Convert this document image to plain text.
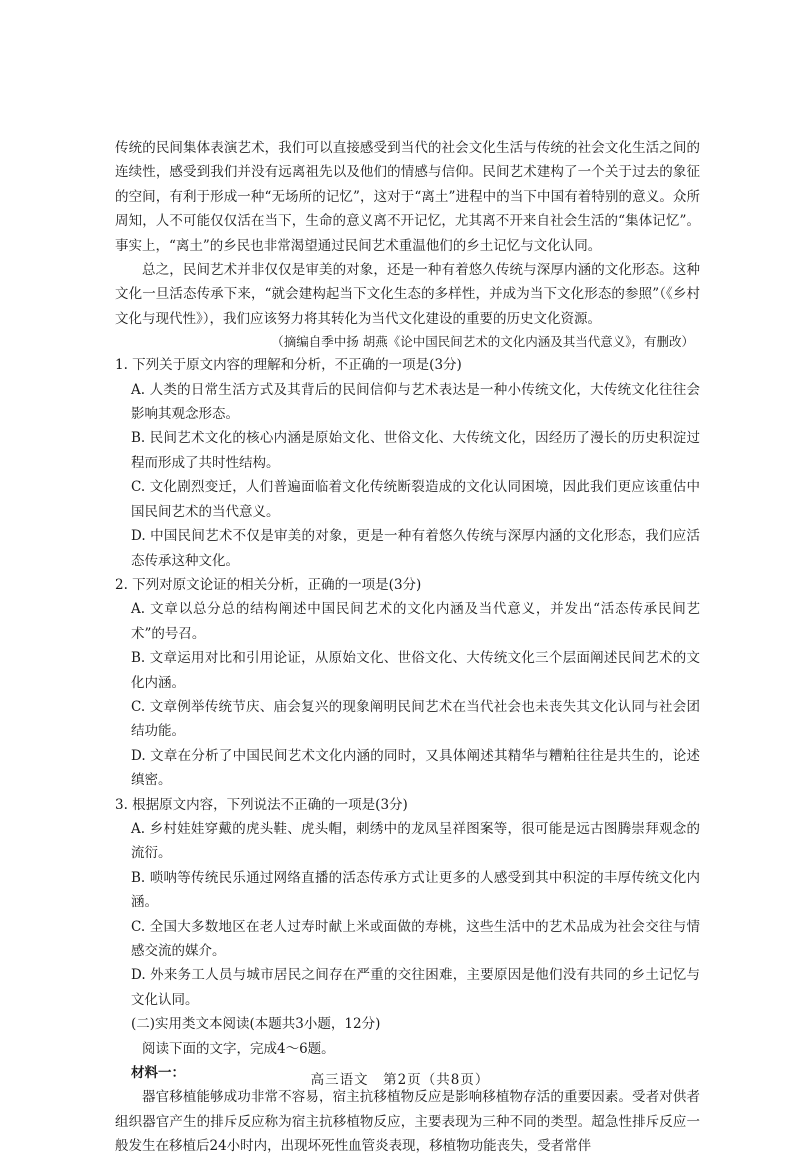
传统的民间集体表演艺术，我们可以直接感受到当代的社会文化生活与传统的社会文化生活之间的连续性，感受到我们并没有远离祖先以及他们的情感与信仰。民间艺术建构了一个关于过去的象征的空间，有利于形成一种“无场所的记忆”，这对于“离土”进程中的当下中国有着特别的意义。众所周知，人不可能仅仅活在当下，生命的意义离不开记忆，尤其离不开来自社会生活的“集体记忆”。事实上，“离土”的乡民也非常渴望通过民间艺术重温他们的乡土记忆与文化认同。

总之，民间艺术并非仅仅是审美的对象，还是一种有着悠久传统与深厚内涵的文化形态。这种文化一旦活态传承下来，“就会建构起当下文化生态的多样性，并成为当下文化形态的参照”（《乡村文化与现代性》），我们应该努力将其转化为当代文化建设的重要的历史文化资源。

（摘编自季中扬 胡燕《论中国民间艺术的文化内涵及其当代意义》，有删改）

1. 下列关于原文内容的理解和分析，不正确的一项是(3分)

A. 人类的日常生活方式及其背后的民间信仰与艺术表达是一种小传统文化，大传统文化往往会影响其观念形态。

B. 民间艺术文化的核心内涵是原始文化、世俗文化、大传统文化，因经历了漫长的历史积淀过程而形成了共时性结构。

C. 文化剧烈变迁，人们普遍面临着文化传统断裂造成的文化认同困境，因此我们更应该重估中国民间艺术的当代意义。

D. 中国民间艺术不仅是审美的对象，更是一种有着悠久传统与深厚内涵的文化形态，我们应活态传承这种文化。

2. 下列对原文论证的相关分析，正确的一项是(3分)

A. 文章以总分总的结构阐述中国民间艺术的文化内涵及当代意义，并发出“活态传承民间艺术”的号召。

B. 文章运用对比和引用论证，从原始文化、世俗文化、大传统文化三个层面阐述民间艺术的文化内涵。

C. 文章例举传统节庆、庙会复兴的现象阐明民间艺术在当代社会也未丧失其文化认同与社会团结功能。

D. 文章在分析了中国民间艺术文化内涵的同时，又具体阐述其精华与糟粕往往是共生的，论述缜密。

3. 根据原文内容，下列说法不正确的一项是(3分)

A. 乡村娃娃穿戴的虎头鞋、虎头帽，刺绣中的龙凤呈祥图案等，很可能是远古图腾崇拜观念的流衍。

B. 唢呐等传统民乐通过网络直播的活态传承方式让更多的人感受到其中积淀的丰厚传统文化内涵。

C. 全国大多数地区在老人过寿时献上米或面做的寿桃，这些生活中的艺术品成为社会交往与情感交流的媒介。

D. 外来务工人员与城市居民之间存在严重的交往困难，主要原因是他们没有共同的乡土记忆与文化认同。

(二)实用类文本阅读(本题共3小题，12分)

阅读下面的文字，完成4～6题。

材料一：

器官移植能够成功非常不容易，宿主抗移植物反应是影响移植物存活的重要因素。受者对供者组织器官产生的排斥反应称为宿主抗移植物反应，主要表现为三种不同的类型。超急性排斥反应一般发生在移植后24小时内，出现坏死性血管炎表现，移植物功能丧失，受者常伴

高三语文　第2页（共8页）
